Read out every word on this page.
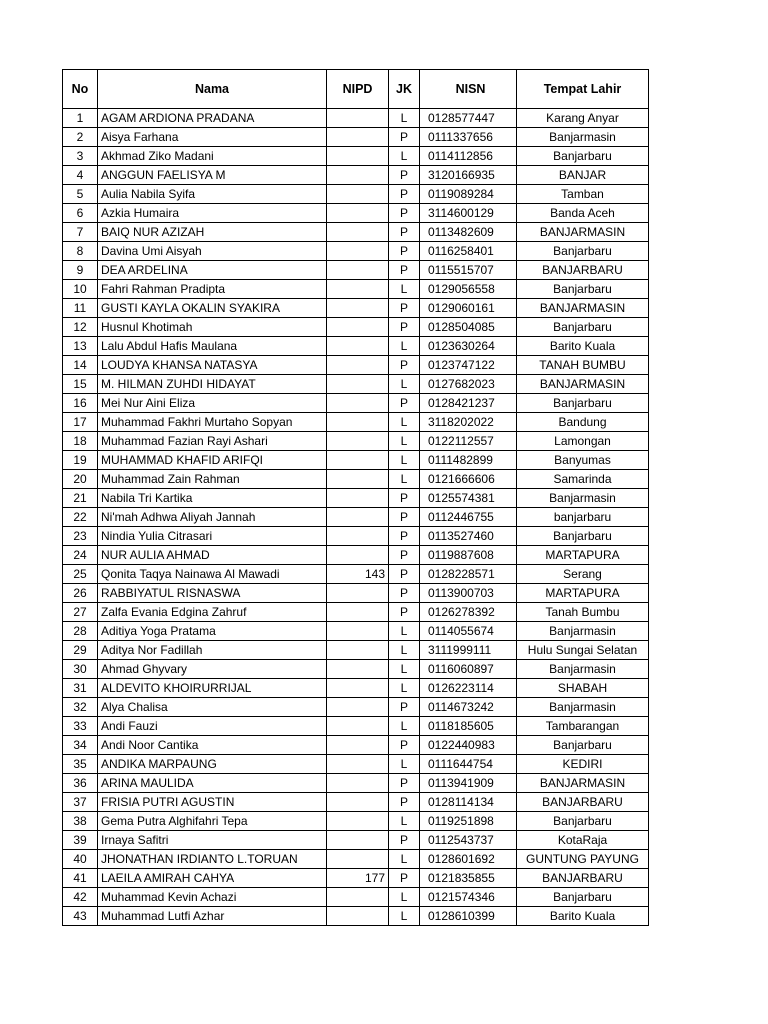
No	Nama	NIPD	JK	NISN	Tempat Lahir
1	AGAM ARDIONA PRADANA		L	0128577447	Karang Anyar
2	Aisya Farhana		P	0111337656	Banjarmasin
3	Akhmad Ziko Madani		L	0114112856	Banjarbaru
4	ANGGUN FAELISYA M		P	3120166935	BANJAR
5	Aulia Nabila Syifa		P	0119089284	Tamban
6	Azkia Humaira		P	3114600129	Banda Aceh
7	BAIQ NUR AZIZAH		P	0113482609	BANJARMASIN
8	Davina Umi Aisyah		P	0116258401	Banjarbaru
9	DEA ARDELINA		P	0115515707	BANJARBARU
10	Fahri Rahman Pradipta		L	0129056558	Banjarbaru
11	GUSTI KAYLA OKALIN SYAKIRA		P	0129060161	BANJARMASIN
12	Husnul Khotimah		P	0128504085	Banjarbaru
13	Lalu Abdul Hafis Maulana		L	0123630264	Barito Kuala
14	LOUDYA KHANSA NATASYA		P	0123747122	TANAH BUMBU
15	M. HILMAN ZUHDI HIDAYAT		L	0127682023	BANJARMASIN
16	Mei Nur Aini Eliza		P	0128421237	Banjarbaru
17	Muhammad Fakhri Murtaho Sopyan		L	3118202022	Bandung
18	Muhammad Fazian Rayi Ashari		L	0122112557	Lamongan
19	MUHAMMAD KHAFID ARIFQI		L	0111482899	Banyumas
20	Muhammad Zain Rahman		L	0121666606	Samarinda
21	Nabila Tri Kartika		P	0125574381	Banjarmasin
22	Ni'mah Adhwa Aliyah Jannah		P	0112446755	banjarbaru
23	Nindia Yulia Citrasari		P	0113527460	Banjarbaru
24	NUR AULIA AHMAD		P	0119887608	MARTAPURA
25	Qonita Taqya Nainawa Al Mawadi	143	P	0128228571	Serang
26	RABBIYATUL RISNASWA		P	0113900703	MARTAPURA
27	Zalfa Evania Edgina Zahruf		P	0126278392	Tanah Bumbu
28	Aditiya Yoga Pratama		L	0114055674	Banjarmasin
29	Aditya Nor Fadillah		L	3111999111	Hulu Sungai Selatan
30	Ahmad Ghyvary		L	0116060897	Banjarmasin
31	ALDEVITO KHOIRURRIJAL		L	0126223114	SHABAH
32	Alya Chalisa		P	0114673242	Banjarmasin
33	Andi Fauzi		L	0118185605	Tambarangan
34	Andi Noor Cantika		P	0122440983	Banjarbaru
35	ANDIKA MARPAUNG		L	0111644754	KEDIRI
36	ARINA MAULIDA		P	0113941909	BANJARMASIN
37	FRISIA PUTRI AGUSTIN		P	0128114134	BANJARBARU
38	Gema Putra Alghifahri Tepa		L	0119251898	Banjarbaru
39	Irnaya Safitri		P	0112543737	KotaRaja
40	JHONATHAN IRDIANTO L.TORUAN		L	0128601692	GUNTUNG PAYUNG
41	LAEILA AMIRAH CAHYA	177	P	0121835855	BANJARBARU
42	Muhammad Kevin Achazi		L	0121574346	Banjarbaru
43	Muhammad Lutfi Azhar		L	0128610399	Barito Kuala
